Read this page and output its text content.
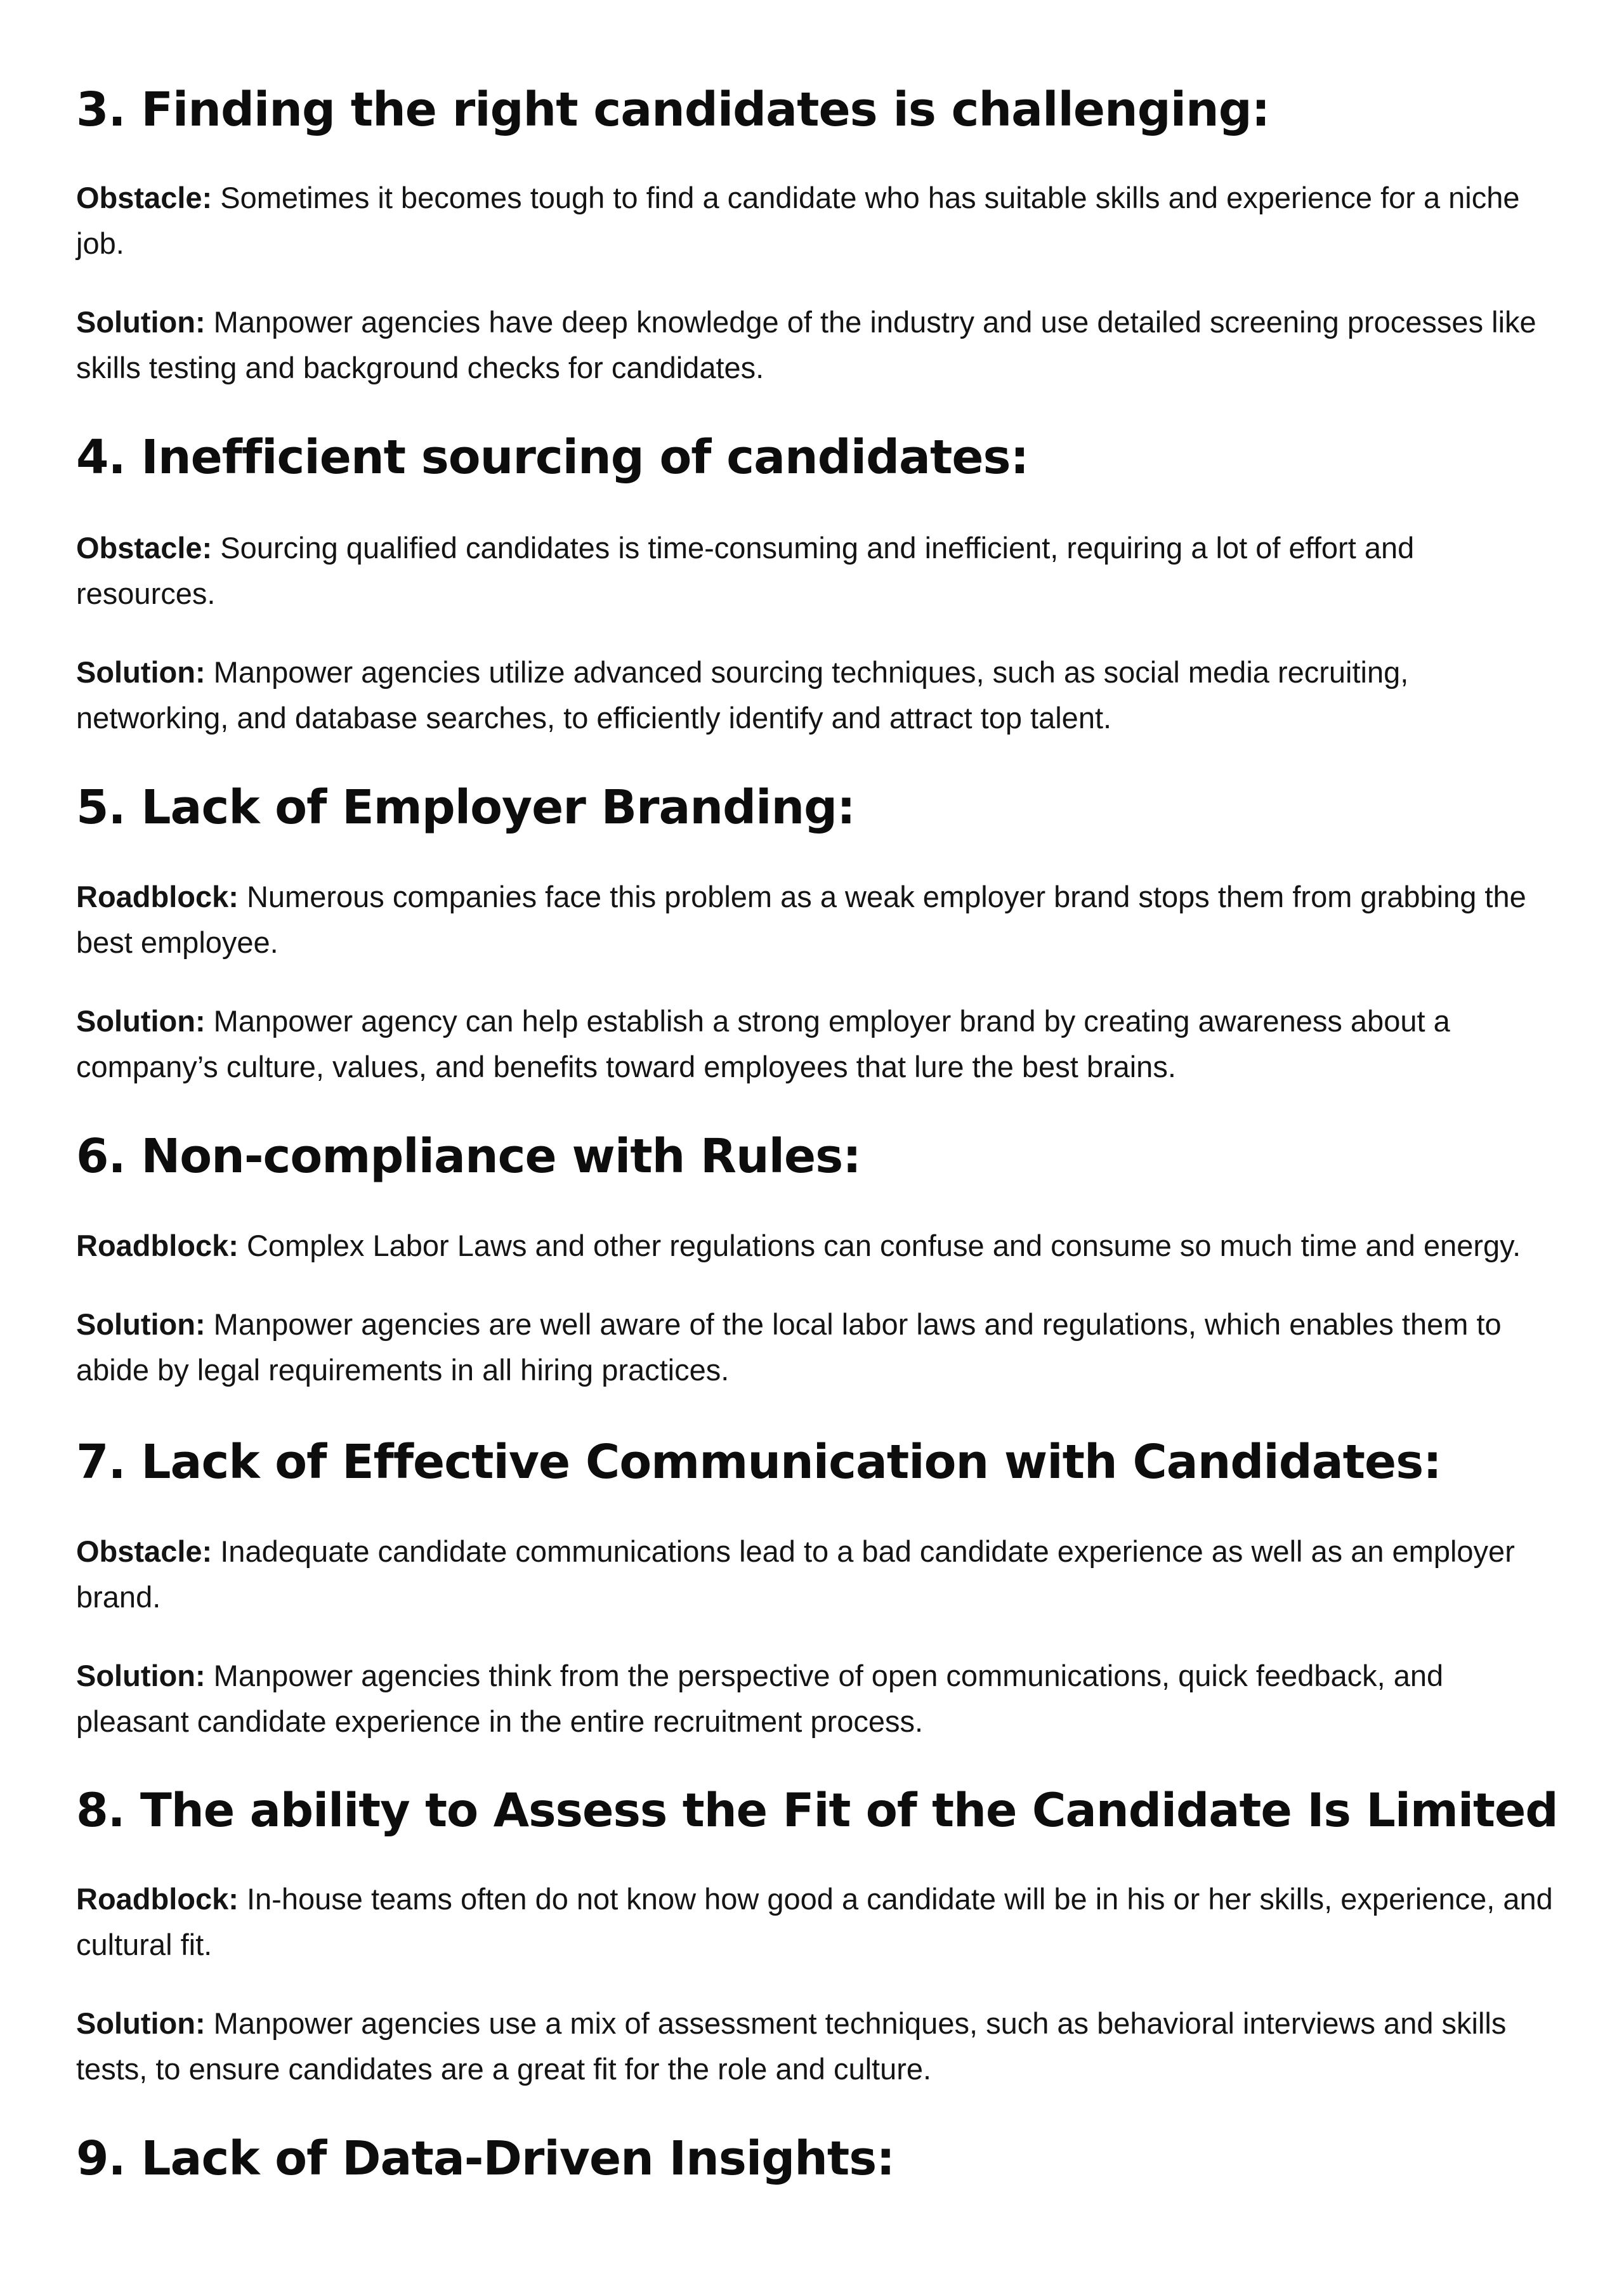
3. Finding the right candidates is challenging:

Obstacle: Sometimes it becomes tough to find a candidate who has suitable skills and experience for a niche job.

Solution: Manpower agencies have deep knowledge of the industry and use detailed screening processes like skills testing and background checks for candidates.

4. Inefficient sourcing of candidates:

Obstacle: Sourcing qualified candidates is time-consuming and inefficient, requiring a lot of effort and resources.

Solution: Manpower agencies utilize advanced sourcing techniques, such as social media recruiting, networking, and database searches, to efficiently identify and attract top talent.

5. Lack of Employer Branding:

Roadblock: Numerous companies face this problem as a weak employer brand stops them from grabbing the best employee.

Solution: Manpower agency can help establish a strong employer brand by creating awareness about a company’s culture, values, and benefits toward employees that lure the best brains.

6. Non-compliance with Rules:

Roadblock: Complex Labor Laws and other regulations can confuse and consume so much time and energy.

Solution: Manpower agencies are well aware of the local labor laws and regulations, which enables them to abide by legal requirements in all hiring practices.

7. Lack of Effective Communication with Candidates:

Obstacle: Inadequate candidate communications lead to a bad candidate experience as well as an employer brand.

Solution: Manpower agencies think from the perspective of open communications, quick feedback, and pleasant candidate experience in the entire recruitment process.

8. The ability to Assess the Fit of the Candidate Is Limited

Roadblock: In-house teams often do not know how good a candidate will be in his or her skills, experience, and cultural fit.

Solution: Manpower agencies use a mix of assessment techniques, such as behavioral interviews and skills tests, to ensure candidates are a great fit for the role and culture.

9. Lack of Data-Driven Insights:
